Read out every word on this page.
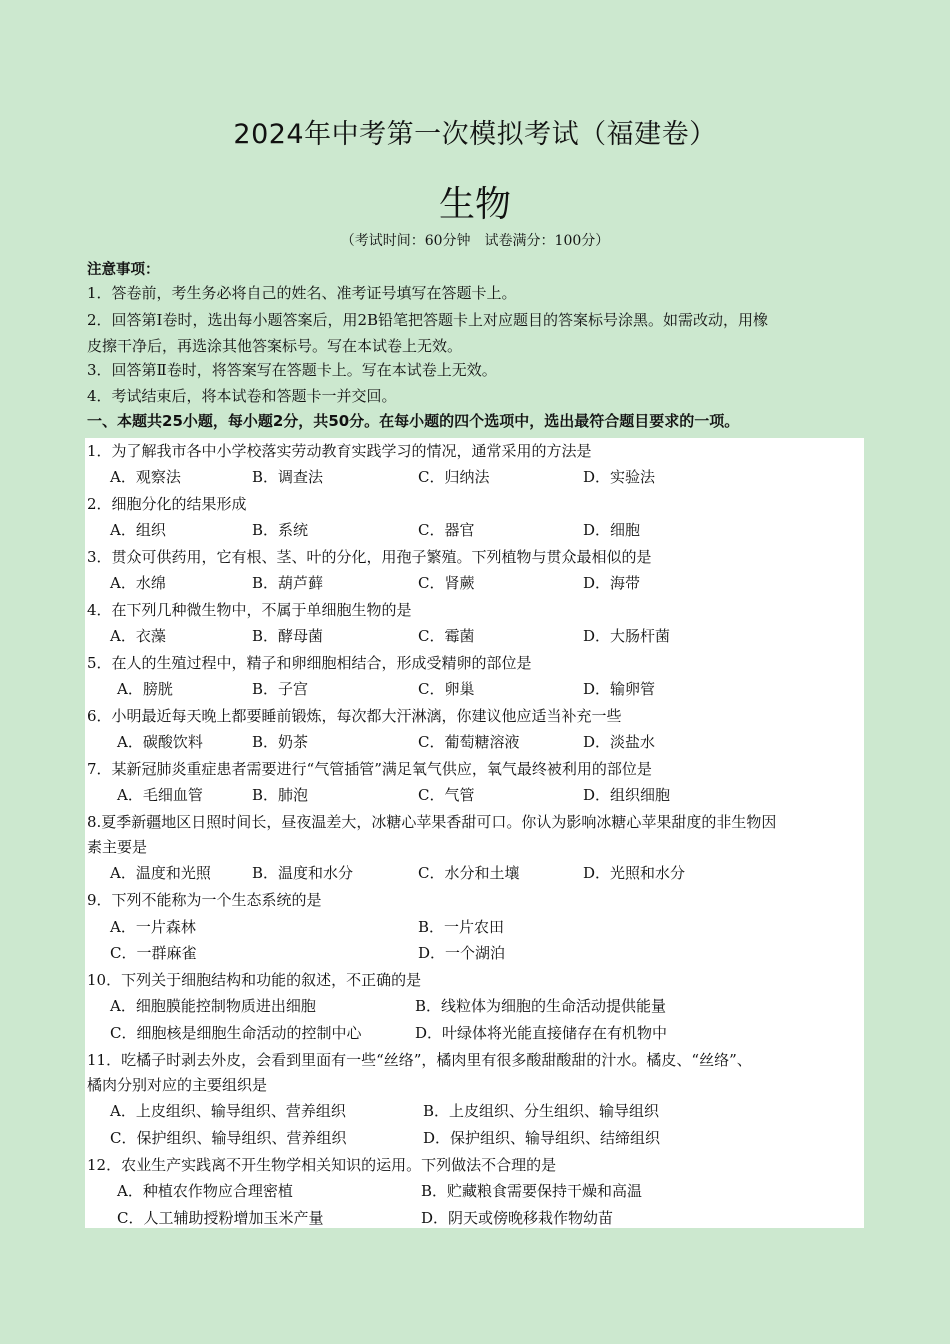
2024年中考第一次模拟考试（福建卷）
生物
（考试时间：60分钟　试卷满分：100分）
注意事项：
1．答卷前，考生务必将自己的姓名、准考证号填写在答题卡上。
2．回答第Ⅰ卷时，选出每小题答案后，用2B铅笔把答题卡上对应题目的答案标号涂黑。如需改动，用橡
皮擦干净后，再选涂其他答案标号。写在本试卷上无效。
3．回答第Ⅱ卷时，将答案写在答题卡上。写在本试卷上无效。
4．考试结束后，将本试卷和答题卡一并交回。
一、本题共25小题，每小题2分，共50分。在每小题的四个选项中，选出最符合题目要求的一项。
1．为了解我市各中小学校落实劳动教育实践学习的情况，通常采用的方法是
A．观察法	B．调查法	C．归纳法	D．实验法
2．细胞分化的结果形成
A．组织	B．系统	C．器官	D．细胞
3．贯众可供药用，它有根、茎、叶的分化，用孢子繁殖。下列植物与贯众最相似的是
A．水绵	B．葫芦藓	C．肾蕨	D．海带
4．在下列几种微生物中，不属于单细胞生物的是
A．衣藻	B．酵母菌	C．霉菌	D．大肠杆菌
5．在人的生殖过程中，精子和卵细胞相结合，形成受精卵的部位是
A．膀胱	B．子宫	C．卵巢	D．输卵管
6．小明最近每天晚上都要睡前锻炼，每次都大汗淋漓，你建议他应适当补充一些
A．碳酸饮料	B．奶茶	C．葡萄糖溶液	D．淡盐水
7．某新冠肺炎重症患者需要进行“气管插管”满足氧气供应，氧气最终被利用的部位是
A．毛细血管	B．肺泡	C．气管	D．组织细胞
8.夏季新疆地区日照时间长，昼夜温差大，冰糖心苹果香甜可口。你认为影响冰糖心苹果甜度的非生物因
素主要是
A．温度和光照	B．温度和水分	C．水分和土壤	D．光照和水分
9．下列不能称为一个生态系统的是
A．一片森林	B．一片农田
C．一群麻雀	D．一个湖泊
10．下列关于细胞结构和功能的叙述，不正确的是
A．细胞膜能控制物质进出细胞	B．线粒体为细胞的生命活动提供能量
C．细胞核是细胞生命活动的控制中心	D．叶绿体将光能直接储存在有机物中
11．吃橘子时剥去外皮，会看到里面有一些“丝络”，橘肉里有很多酸甜酸甜的汁水。橘皮、“丝络”、
橘肉分别对应的主要组织是
A．上皮组织、输导组织、营养组织	B．上皮组织、分生组织、输导组织
C．保护组织、输导组织、营养组织	D．保护组织、输导组织、结缔组织
12．农业生产实践离不开生物学相关知识的运用。下列做法不合理的是
A．种植农作物应合理密植	B．贮藏粮食需要保持干燥和高温
C．人工辅助授粉增加玉米产量	D．阴天或傍晚移栽作物幼苗
